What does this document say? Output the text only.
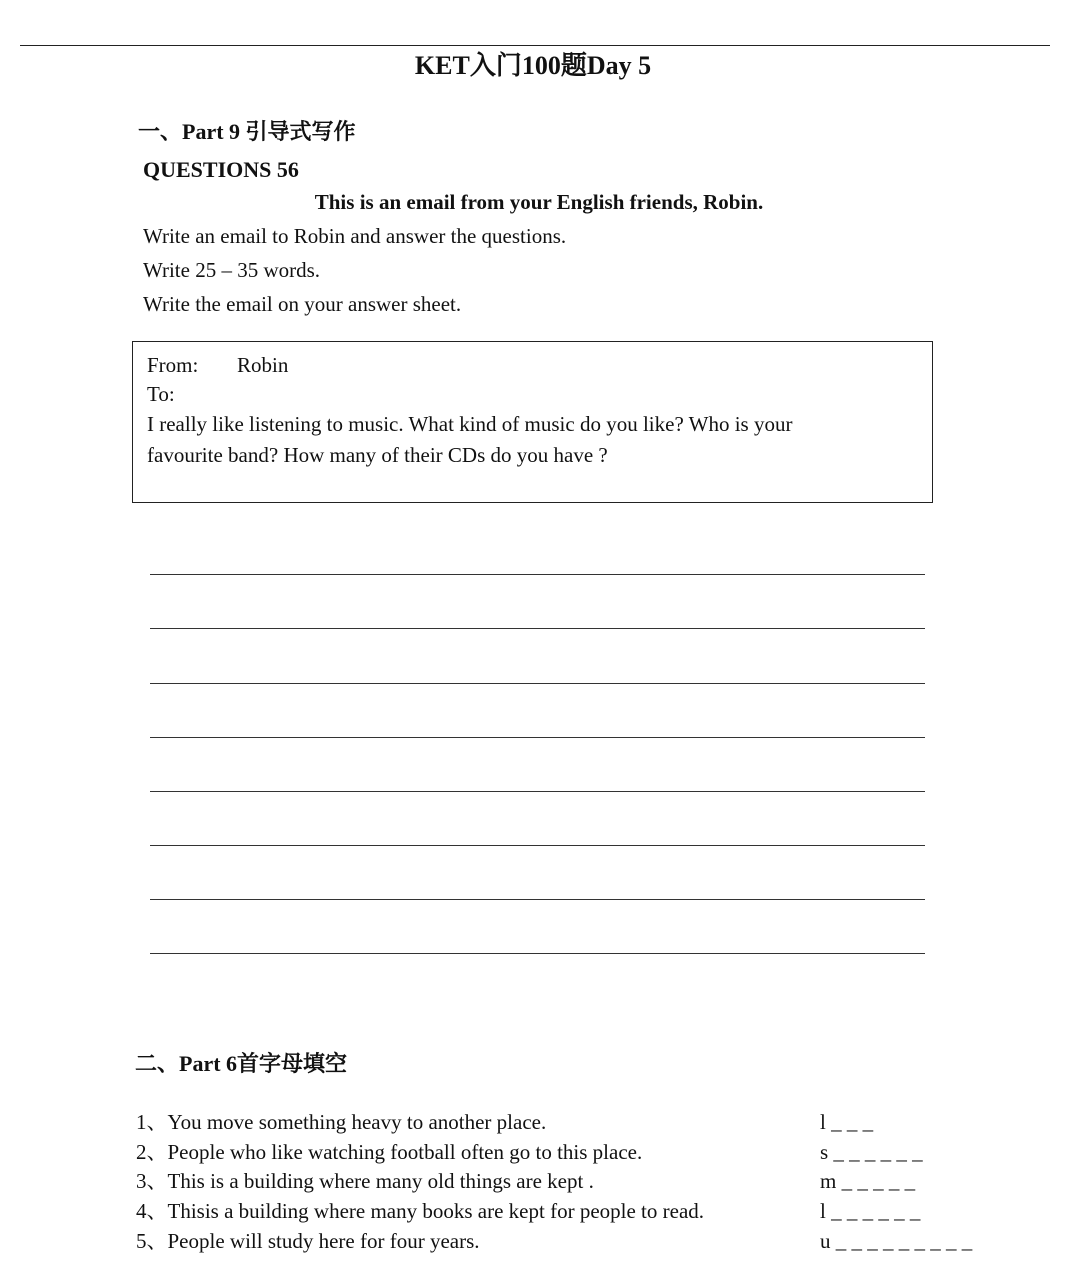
KET入门100题Day 5
一、Part 9 引导式写作
QUESTIONS 56
This is an email from your English friends, Robin.
Write an email to Robin and answer the questions.
Write 25 – 35 words.
Write the email on your answer sheet.
From: Robin
To:
I really like listening to music. What kind of music do you like? Who is your
favourite band? How many of their CDs do you have ?
二、Part 6首字母填空
1、You move something heavy to another place.	l _ _ _
2、People who like watching football often go to this place.	s _ _ _ _ _ _
3、This is a building where many old things are kept .	m _ _ _ _ _
4、Thisis a building where many books are kept for people to read.	l _ _ _ _ _ _
5、People will study here for four years.	u _ _ _ _ _ _ _ _ _
